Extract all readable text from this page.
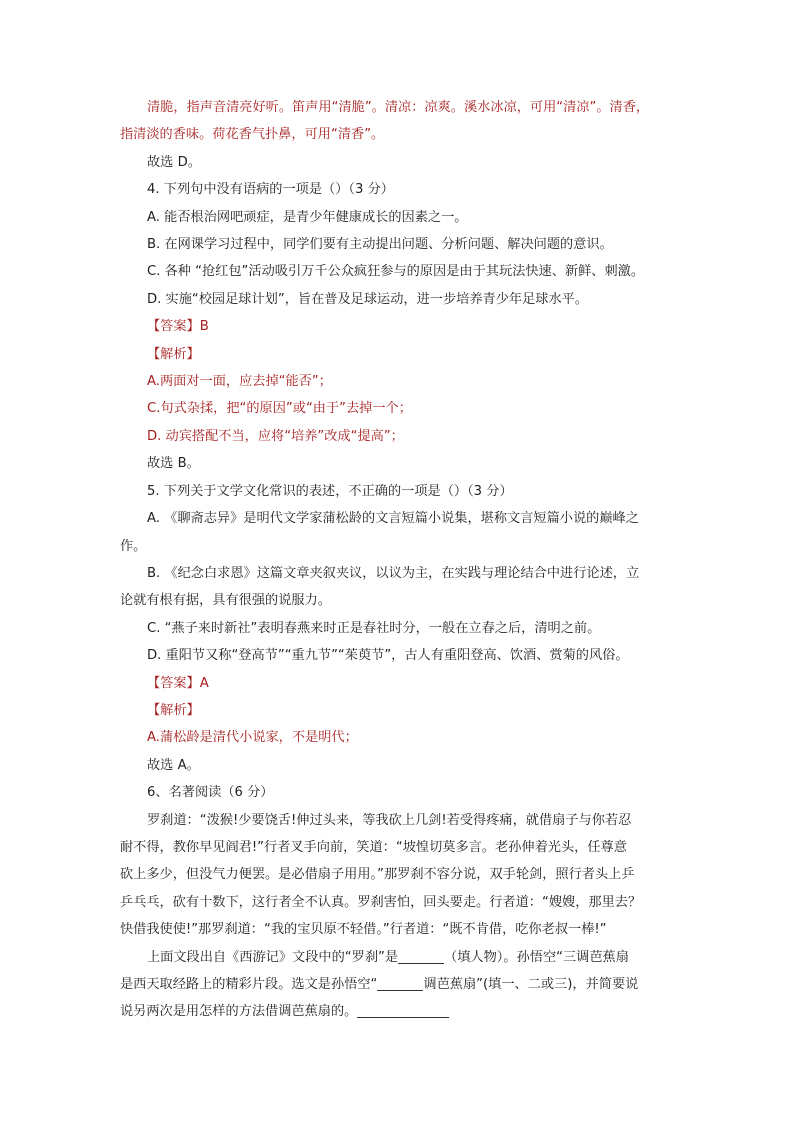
清脆，指声音清亮好听。笛声用“清脆”。清凉：凉爽。溪水冰凉，可用“清凉”。清香，
指清淡的香味。荷花香气扑鼻，可用“清香”。
故选 D。
4. 下列句中没有语病的一项是（）（3 分）
A. 能否根治网吧顽症，是青少年健康成长的因素之一。
B. 在网课学习过程中，同学们要有主动提出问题、分析问题、解决问题的意识。
C. 各种 “抢红包”活动吸引万千公众疯狂参与的原因是由于其玩法快速、新鲜、刺激。
D. 实施“校园足球计划”，旨在普及足球运动，进一步培养青少年足球水平。
【答案】B
【解析】
A.两面对一面，应去掉“能否”；
C.句式杂揉，把“的原因”或“由于”去掉一个；
D. 动宾搭配不当，应将“培养”改成“提高”；
故选 B。
5. 下列关于文学文化常识的表述，不正确的一项是（）（3 分）
A. 《聊斋志异》是明代文学家蒲松龄的文言短篇小说集，堪称文言短篇小说的巅峰之
作。
B. 《纪念白求恩》这篇文章夹叙夹议，以议为主，在实践与理论结合中进行论述，立
论就有根有据，具有很强的说服力。
C. “燕子来时新社”表明春燕来时正是春社时分，一般在立春之后，清明之前。
D. 重阳节又称“登高节”“重九节”“茱萸节”，古人有重阳登高、饮酒、赏菊的风俗。
【答案】A
【解析】
A.蒲松龄是清代小说家，不是明代；
故选 A。
6、名著阅读（6 分）
罗刹道：“泼猴!少要饶舌!伸过头来，等我砍上几剑!若受得疼痛，就借扇子与你若忍
耐不得，教你早见阎君!”行者叉手向前，笑道：“坡惶切莫多言。老孙伸着光头，任尊意
砍上多少，但没气力便罢。是必借扇子用用。”那罗刹不容分说，双手轮剑，照行者头上乒
乒乓乓，砍有十数下，这行者全不认真。罗刹害怕，回头要走。行者道：“嫂嫂，那里去？
快借我使使!”那罗刹道：“我的宝贝原不轻借。”行者道：“既不肯借，吃你老叔一棒!”
上面文段出自《西游记》文段中的“罗刹”是	（填人物）。孙悟空“三调芭蕉扇
是西天取经路上的精彩片段。选文是孙悟空“	调芭蕉扇”(填一、二或三)，并简要说
说另两次是用怎样的方法借调芭蕉扇的。
